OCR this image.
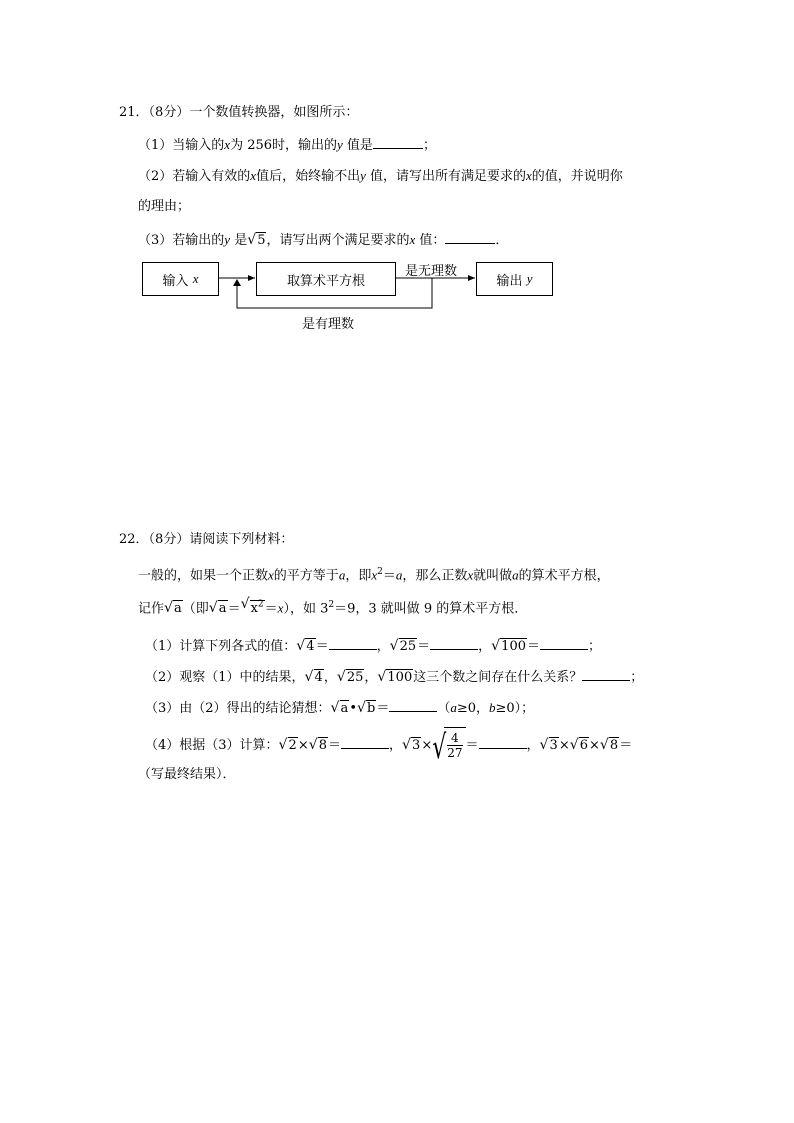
21．（8分）一个数值转换器，如图所示：
（1）当输入的x为 256时，输出的y 值是	；
（2）若输入有效的x值后，始终输不出y 值，请写出所有满足要求的x的值，并说明你
的理由；
（3）若输出的y 是 √ 5，请写出两个满足要求的x 值：	．
输入
x	取算术平方根	输出
y
是无理数
是有理数
22．（8分）请阅读下列材料：
一般的，如果一个正数x的平方等于a，即$x^2=a$，那么正数x就叫做a的算术平方根，
记作 √ a（即 √ a＝ √ $x^2=x$），如 $3^2=9$，3 就叫做 9 的算术平方根．
（1）计算下列各式的值： √ 4＝	， √ 25＝	， √ 100＝	；
（2）观察（1）中的结果， √ 4， √ 25， √ 100这三个数之间存在什么关系？	；
（3）由（2）得出的结论猜想： √ a• √ b＝	（a≥0，b≥0）；
（4）根据（3）计算： √ 2× √ 8＝	， √ 3× √ $\frac{4}{27}$ ＝	， √ 3× √ 6× √ 8＝
（写最终结果）．
